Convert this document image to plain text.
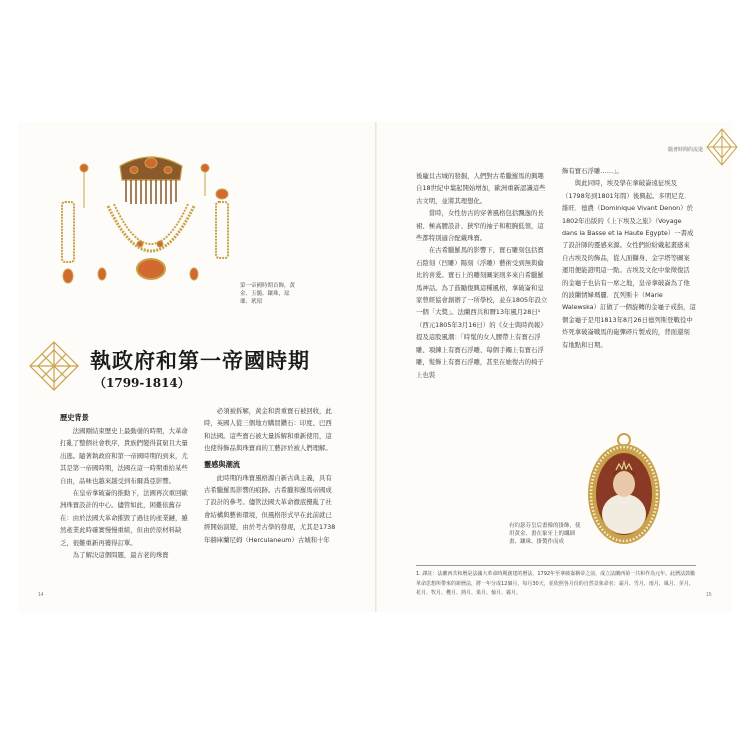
第一帝國時期首飾，黃金、玉髓、鑲珠，琺瑯、玳瑁
執政府和第一帝國時期
（1799-1814）
歷史背景

法國剛結束歷史上最動盪的時期，大革命打亂了整個社會秩序，貴族們變得貧窮且大量出逃。隨著執政府和第一帝國時期的到來，尤其是第一帝國時期，法國在這一時期重拾某些自由，品味也越來越受到布爾喬亞影響。

在皇帝拿破崙的推動下，法國再次重回歐洲珠寶設計的中心。儘管如此，困難依舊存在：由於法國大革命摧毀了過往的產業鏈，雖然產業此時確實慢慢重組，但由於原材料缺乏，很難重新再獲得訂單。

為了解決這個問題，最古老的珠寶

必須被拆解，黃金和貴重寶石被回收，此時，英國人從三個地方購買鑽石：印度、巴西和法國。這些寶石被大量拆解和重新使用，這也使得飾品與珠寶商的工藝評於被人們理解。

靈感與潮流

此時期的珠寶風格源自新古典主義，具有古希臘羅馬影響的痕跡。古希臘和羅馬帝國成了設計的參考。儘管法國大革命徹底攪亂了社會結構與藝術環境，但風格形式早在此前就已經開始演變，由於考古學的發現，尤其是1738年赫庫蘭尼姆（Herculaneum）古城和十年

14
隨著時間的流逝

後龐貝古城的發掘，人們對古希臘羅馬的興趣自18世紀中葉起開始增加，歐洲重新認識這些古文明，並將其理想化。

當時，女性仿古的穿著風格包括飄逸的長裙、極高腰設計、狹窄的袖子和粗胸低領，這些都特別適合配戴珠寶。

在古希臘羅馬的影響下，寶石雕刻包括寶石陰刻（凹雕）陽刻（浮雕）藝術受到無與倫比的喜愛。寶石上的雕刻圖案則多來自希臘羅馬神話。為了鼓勵復興這種風格，拿破崙和皇家曾經協會創辦了一所學校，並在1805年設立一個「大獎」。法蘭西共和曆13年風月28日¹（西元1805年3月16日）的《女士與時尚報》提及這股風潮：「時髦的女人腰帶上有寶石浮雕、項鍊上有寶石浮雕、每個手鐲上有寶石浮雕，髮飾上有寶石浮雕，甚至在她復古的椅子上也裝

飾有寶石浮雕……」。

與此同時，埃及學在拿破崙遠征埃及（1798年到1801年間）後興起。多明尼克．維旺．德農（Dominique Vivant Denon）於1802年出版的《上下埃及之旅》（Voyage dans la Basse et la Haute Egypte）一書成了設計師的靈感來源。女性們紛紛戴起畫感來自古埃及的飾品，從人面獅身、金字塔等圖案運用便能證明這一點。古埃及文化中象徵復活的金龜子也佔有一席之地，皇帝拿破崙為了他的波蘭情婦瑪麗．瓦列斯卡（Marie Walewska）訂做了一個旋轉的金龜子戒指，這個金龜子是用1813年8月26日德列斯登戰役中炸死拿破崙戰馬的砲彈碎片製成的，背面還刻有地點和日期。

有約瑟芬皇后畫像的掛飾，使用黃金、畫在象牙上的纖細畫、鑲珠、掛製作而成
1. 譯註：法蘭西共和曆是法國大革命時期創建的曆法，1792年至拿破崙稱帝之前，成立法蘭西第一共和作為元年。此曆法鼓勵革命思想所帶來的新曆法，將一年分成12個月，每月30天，並依照各月份的自然景象命名：霜月、雪月、雨月、風月、芽月、花月、牧月、穫月、熱月、果月、葡月、霧月。	15
